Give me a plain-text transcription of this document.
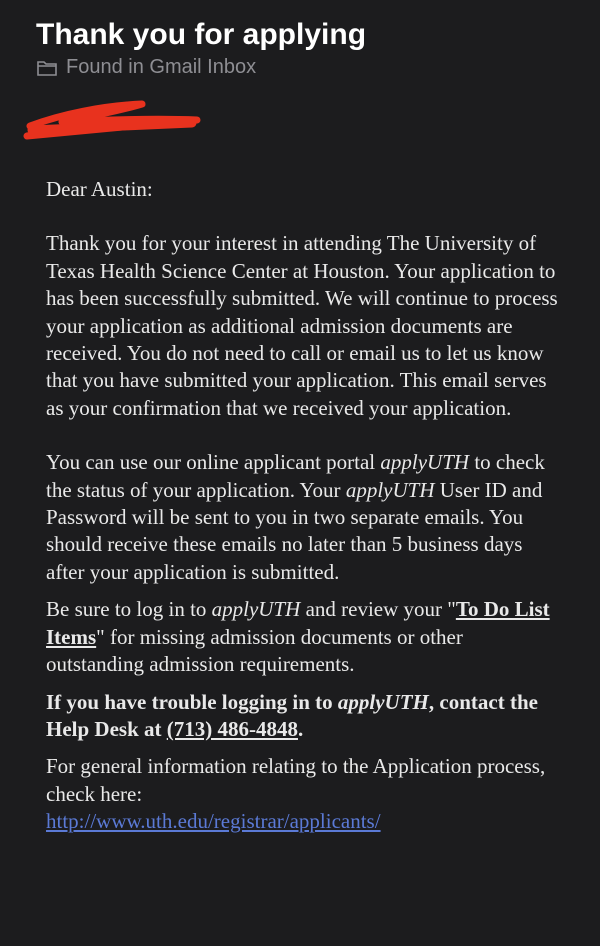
Thank you for applying
Found in Gmail Inbox

Dear Austin:

Thank you for your interest in attending The University of Texas Health Science Center at Houston. Your application to has been successfully submitted. We will continue to process your application as additional admission documents are received. You do not need to call or email us to let us know that you have submitted your application. This email serves as your confirmation that we received your application.

You can use our online applicant portal applyUTH to check the status of your application. Your applyUTH User ID and Password will be sent to you in two separate emails. You should receive these emails no later than 5 business days after your application is submitted.

Be sure to log in to applyUTH and review your "To Do List Items" for missing admission documents or other outstanding admission requirements.

If you have trouble logging in to applyUTH, contact the Help Desk at (713) 486-4848.

For general information relating to the Application process, check here:
http://www.uth.edu/registrar/applicants/
